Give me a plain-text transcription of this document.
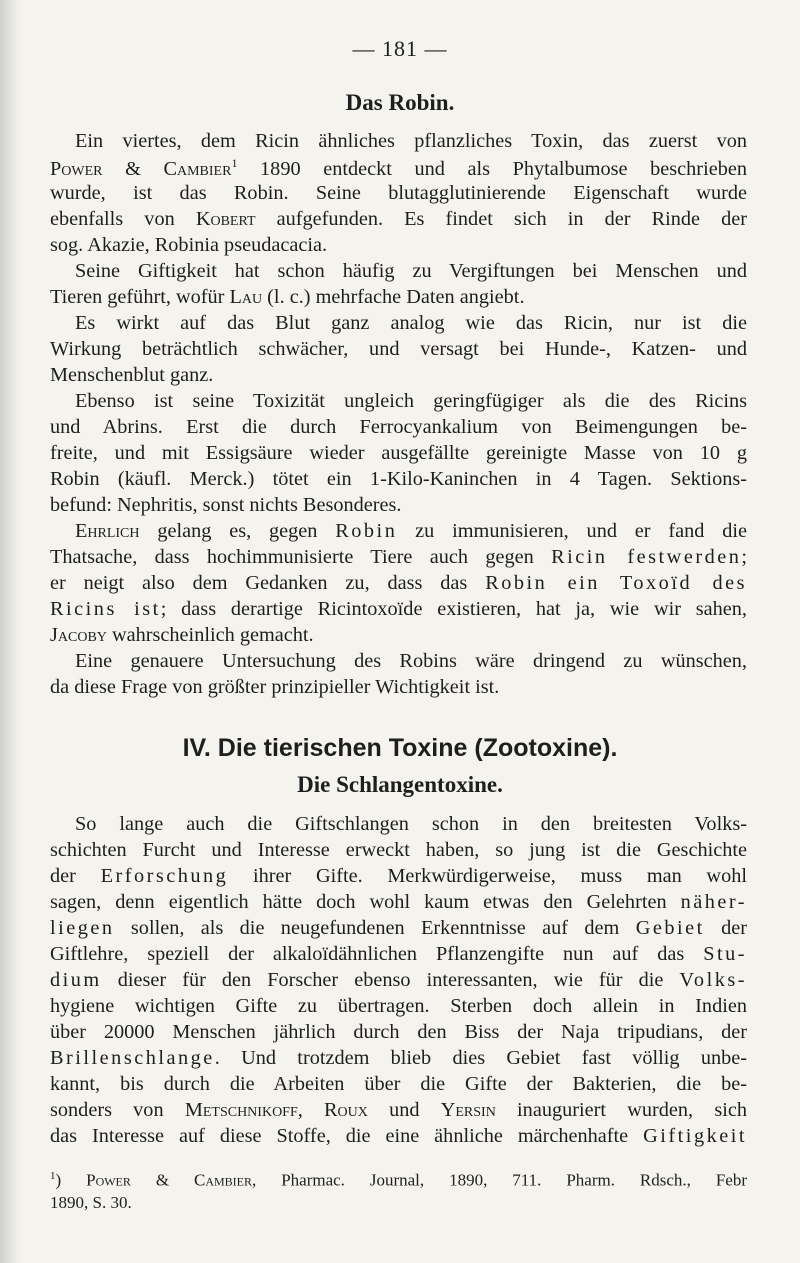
— 181 —
Das Robin.
Ein viertes, dem Ricin ähnliches pflanzliches Toxin, das zuerst von
Power & Cambier$^1$ 1890 entdeckt und als Phytalbumose beschrieben
wurde, ist das Robin. Seine blutagglutinierende Eigenschaft wurde
ebenfalls von Kobert aufgefunden. Es findet sich in der Rinde der
sog. Akazie, Robinia pseudacacia.
Seine Giftigkeit hat schon häufig zu Vergiftungen bei Menschen und
Tieren geführt, wofür Lau (l. c.) mehrfache Daten angiebt.
Es wirkt auf das Blut ganz analog wie das Ricin, nur ist die
Wirkung beträchtlich schwächer, und versagt bei Hunde-, Katzen- und
Menschenblut ganz.
Ebenso ist seine Toxizität ungleich geringfügiger als die des Ricins
und Abrins. Erst die durch Ferrocyankalium von Beimengungen be-
freite, und mit Essigsäure wieder ausgefällte gereinigte Masse von 10 g
Robin (käufl. Merck.) tötet ein 1-Kilo-Kaninchen in 4 Tagen. Sektions-
befund: Nephritis, sonst nichts Besonderes.
Ehrlich gelang es, gegen Robin zu immunisieren, und er fand die
Thatsache, dass hochimmunisierte Tiere auch gegen Ricin festwerden;
er neigt also dem Gedanken zu, dass das Robin ein Toxoïd des
Ricins ist; dass derartige Ricintoxoïde existieren, hat ja, wie wir sahen,
Jacoby wahrscheinlich gemacht.
Eine genauere Untersuchung des Robins wäre dringend zu wünschen,
da diese Frage von größter prinzipieller Wichtigkeit ist.
IV. Die tierischen Toxine (Zootoxine).
Die Schlangentoxine.
So lange auch die Giftschlangen schon in den breitesten Volks-
schichten Furcht und Interesse erweckt haben, so jung ist die Geschichte
der Erforschung ihrer Gifte. Merkwürdigerweise, muss man wohl
sagen, denn eigentlich hätte doch wohl kaum etwas den Gelehrten näher-
liegen sollen, als die neugefundenen Erkenntnisse auf dem Gebiet der
Giftlehre, speziell der alkaloïdähnlichen Pflanzengifte nun auf das Stu-
dium dieser für den Forscher ebenso interessanten, wie für die Volks-
hygiene wichtigen Gifte zu übertragen. Sterben doch allein in Indien
über 20000 Menschen jährlich durch den Biss der Naja tripudians, der
Brillenschlange. Und trotzdem blieb dies Gebiet fast völlig unbe-
kannt, bis durch die Arbeiten über die Gifte der Bakterien, die be-
sonders von Metschnikoff, Roux und Yersin inauguriert wurden, sich
das Interesse auf diese Stoffe, die eine ähnliche märchenhafte Giftigkeit
$^1$) Power & Cambier, Pharmac. Journal, 1890, 711. Pharm. Rdsch., Febr
1890, S. 30.
